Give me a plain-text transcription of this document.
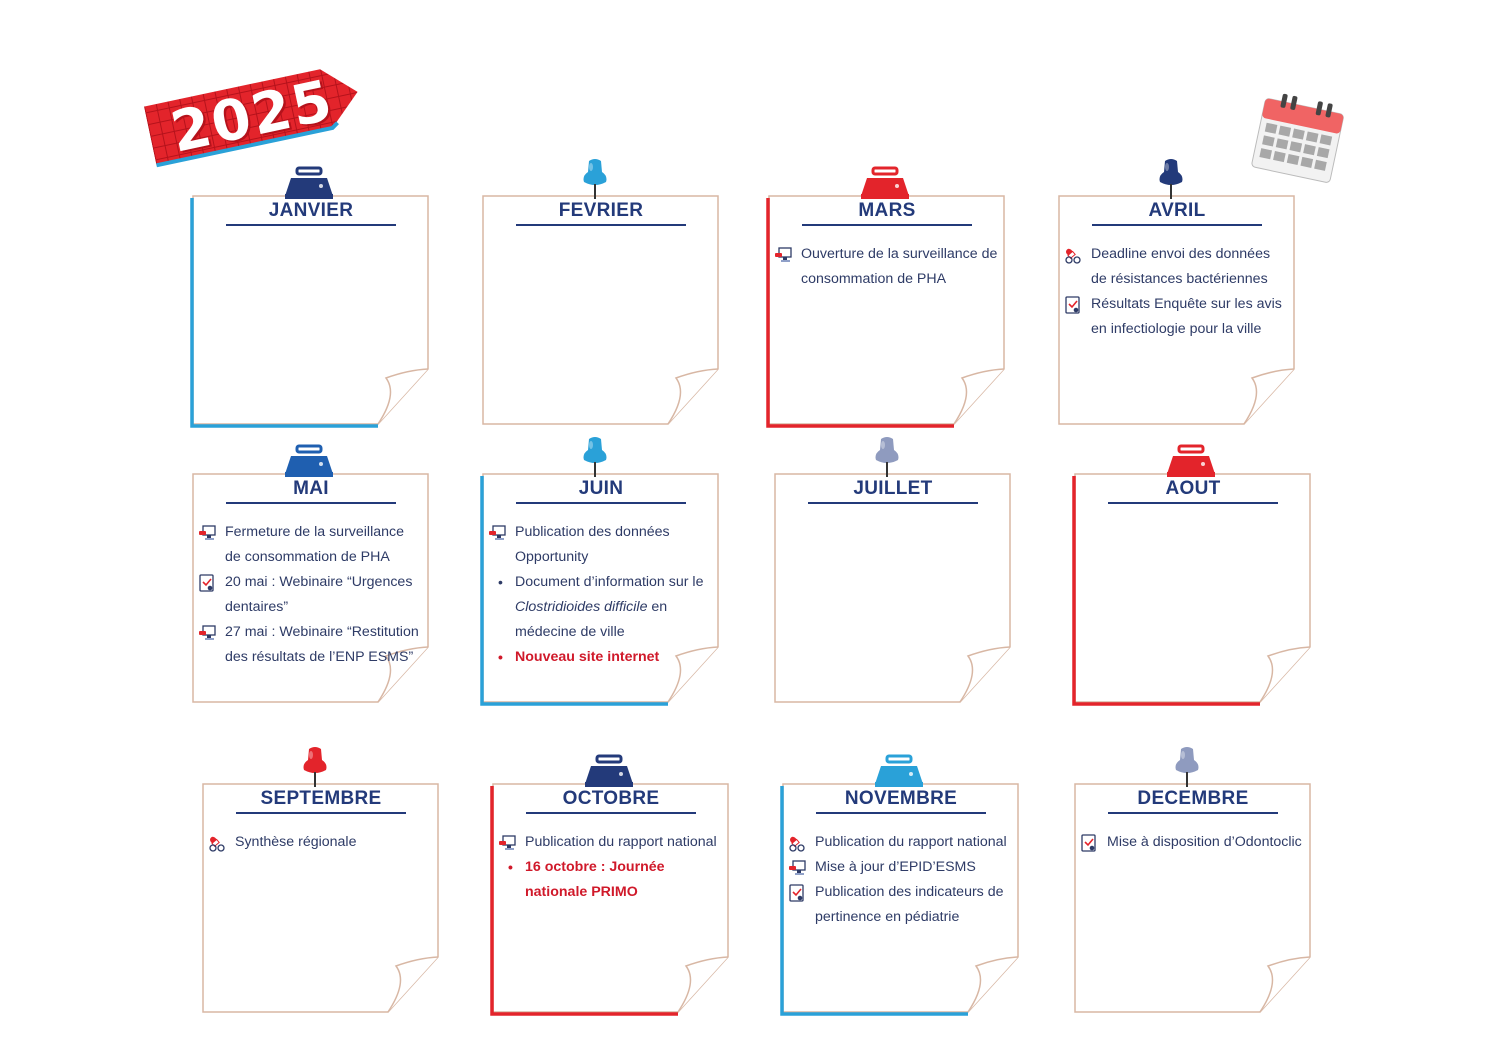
2025
JANVIER	FEVRIER	MARS
Ouverture de la surveillance de consommation de PHA
AVRIL
Deadline envoi des données de résistances bactériennes
Résultats Enquête sur les avis en infectiologie pour la ville
MAI
Fermeture de la surveillance de consommation de PHA
20 mai : Webinaire “Urgences dentaires”
27 mai : Webinaire “Restitution des résultats de l’ENP ESMS”
JUIN
Publication des données Opportunity
• Document d’information sur le Clostridioides difficile en médecine de ville
• Nouveau site internet
JUILLET	AOUT
SEPTEMBRE
Synthèse régionale
OCTOBRE
Publication du rapport national
• 16 octobre : Journée nationale PRIMO
NOVEMBRE
Publication du rapport national
Mise à jour d’EPID’ESMS
Publication des indicateurs de pertinence en pédiatrie
DECEMBRE
Mise à disposition d’Odontoclic
